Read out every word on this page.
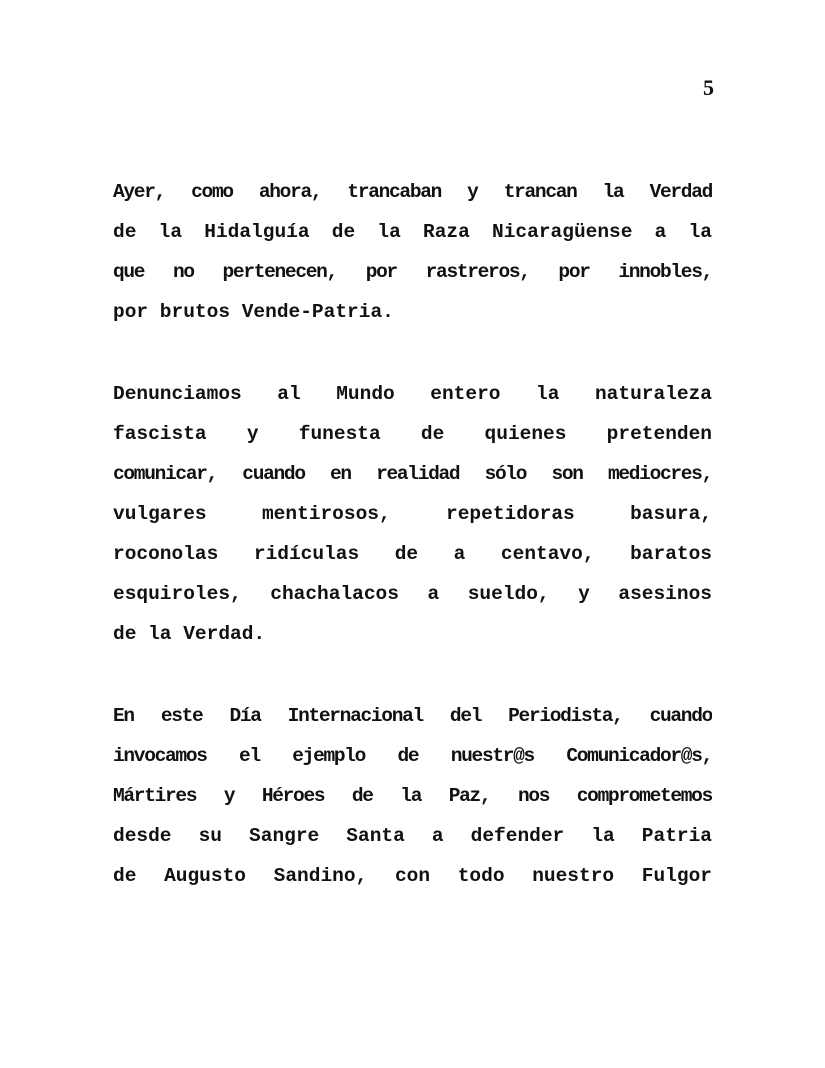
5
Ayer, como ahora, trancaban y trancan la Verdad
de la Hidalguía de la Raza Nicaragüense a la
que no pertenecen, por rastreros, por innobles,
por brutos Vende-Patria.
Denunciamos al Mundo entero la naturaleza
fascista y funesta de quienes pretenden
comunicar, cuando en realidad sólo son mediocres,
vulgares mentirosos, repetidoras basura,
roconolas ridículas de a centavo, baratos
esquiroles, chachalacos a sueldo, y asesinos
de la Verdad.
En este Día Internacional del Periodista, cuando
invocamos el ejemplo de nuestr@s Comunicador@s,
Mártires y Héroes de la Paz, nos comprometemos
desde su Sangre Santa a defender la Patria
de Augusto Sandino, con todo nuestro Fulgor
